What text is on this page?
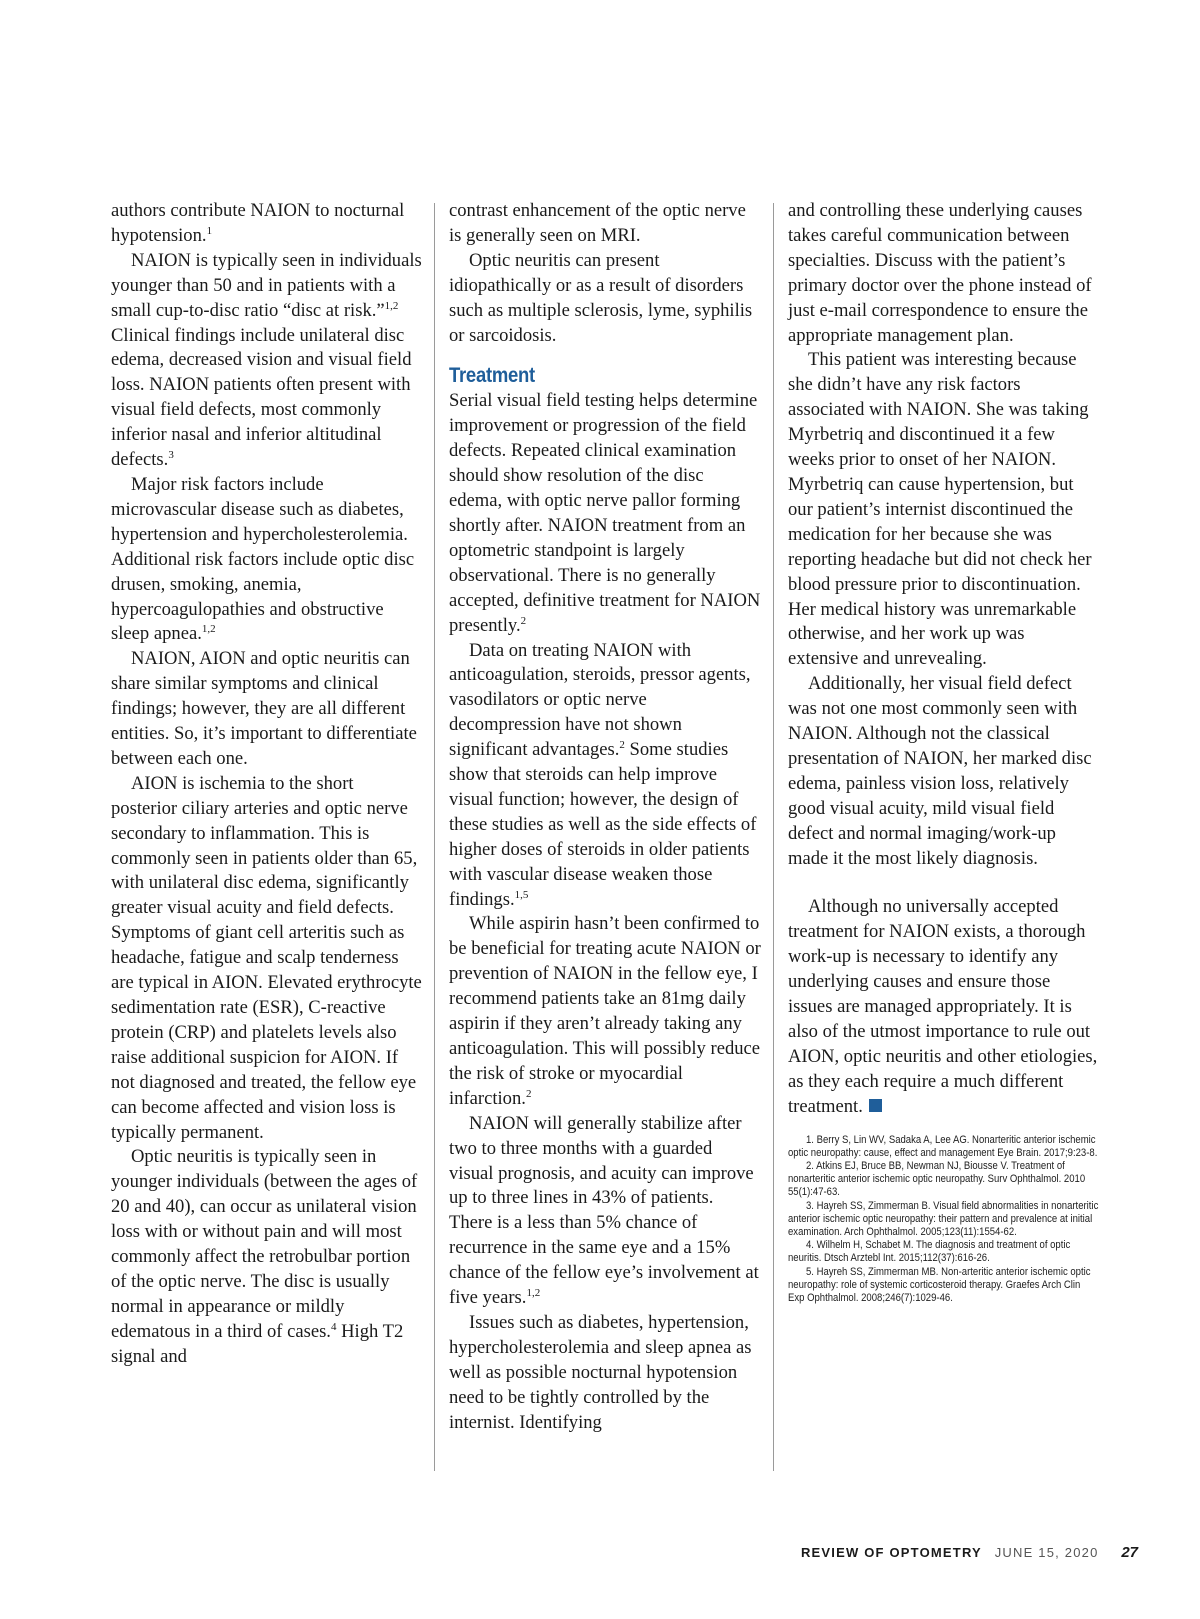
authors contribute NAION to nocturnal hypotension.$^1$

NAION is typically seen in individuals younger than 50 and in patients with a small cup-to-disc ratio “disc at risk.”$^{1,2}$ Clinical findings include unilateral disc edema, decreased vision and visual field loss. NAION patients often present with visual field defects, most commonly inferior nasal and inferior altitudinal defects.$^3$

Major risk factors include microvascular disease such as diabetes, hypertension and hypercholesterolemia. Additional risk factors include optic disc drusen, smoking, anemia, hypercoagulopathies and obstructive sleep apnea.$^{1,2}$

NAION, AION and optic neuritis can share similar symptoms and clinical findings; however, they are all different entities. So, it’s important to differentiate between each one.

AION is ischemia to the short posterior ciliary arteries and optic nerve secondary to inflammation. This is commonly seen in patients older than 65, with unilateral disc edema, significantly greater visual acuity and field defects. Symptoms of giant cell arteritis such as headache, fatigue and scalp tenderness are typical in AION. Elevated erythrocyte sedimentation rate (ESR), C-reactive protein (CRP) and platelets levels also raise additional suspicion for AION. If not diagnosed and treated, the fellow eye can become affected and vision loss is typically permanent.

Optic neuritis is typically seen in younger individuals (between the ages of 20 and 40), can occur as unilateral vision loss with or without pain and will most commonly affect the retrobulbar portion of the optic nerve. The disc is usually normal in appearance or mildly edematous in a third of cases.$^4$ High T2 signal and

contrast enhancement of the optic nerve is generally seen on MRI.

Optic neuritis can present idiopathically or as a result of disorders such as multiple sclerosis, lyme, syphilis or sarcoidosis.

Treatment

Serial visual field testing helps determine improvement or progression of the field defects. Repeated clinical examination should show resolution of the disc edema, with optic nerve pallor forming shortly after. NAION treatment from an optometric standpoint is largely observational. There is no generally accepted, definitive treatment for NAION presently.$^2$

Data on treating NAION with anticoagulation, steroids, pressor agents, vasodilators or optic nerve decompression have not shown significant advantages.$^2$ Some studies show that steroids can help improve visual function; however, the design of these studies as well as the side effects of higher doses of steroids in older patients with vascular disease weaken those findings.$^{1,5}$

While aspirin hasn’t been confirmed to be beneficial for treating acute NAION or prevention of NAION in the fellow eye, I recommend patients take an 81mg daily aspirin if they aren’t already taking any anticoagulation. This will possibly reduce the risk of stroke or myocardial infarction.$^2$

NAION will generally stabilize after two to three months with a guarded visual prognosis, and acuity can improve up to three lines in 43% of patients. There is a less than 5% chance of recurrence in the same eye and a 15% chance of the fellow eye’s involvement at five years.$^{1,2}$

Issues such as diabetes, hypertension, hypercholesterolemia and sleep apnea as well as possible nocturnal hypotension need to be tightly controlled by the internist. Identifying

and controlling these underlying causes takes careful communication between specialties. Discuss with the patient’s primary doctor over the phone instead of just e-mail correspondence to ensure the appropriate management plan.

This patient was interesting because she didn’t have any risk factors associated with NAION. She was taking Myrbetriq and discontinued it a few weeks prior to onset of her NAION. Myrbetriq can cause hypertension, but our patient’s internist discontinued the medication for her because she was reporting headache but did not check her blood pressure prior to discontinuation. Her medical history was unremarkable otherwise, and her work up was extensive and unrevealing.

Additionally, her visual field defect was not one most commonly seen with NAION. Although not the classical presentation of NAION, her marked disc edema, painless vision loss, relatively good visual acuity, mild visual field defect and normal imaging/work-up made it the most likely diagnosis.

Although no universally accepted treatment for NAION exists, a thorough work-up is necessary to identify any underlying causes and ensure those issues are managed appropriately. It is also of the utmost importance to rule out AION, optic neuritis and other etiologies, as they each require a much different treatment.

1. Berry S, Lin WV, Sadaka A, Lee AG. Nonarteritic anterior ischemic optic neuropathy: cause, effect and management Eye Brain. 2017;9:23-8.

2. Atkins EJ, Bruce BB, Newman NJ, Biousse V. Treatment of nonarteritic anterior ischemic optic neuropathy. Surv Ophthalmol. 2010 55(1):47-63.

3. Hayreh SS, Zimmerman B. Visual field abnormalities in nonarteritic anterior ischemic optic neuropathy: their pattern and prevalence at initial examination. Arch Ophthalmol. 2005;123(11):1554-62.

4. Wilhelm H, Schabet M. The diagnosis and treatment of optic neuritis. Dtsch Arztebl Int. 2015;112(37):616-26.

5. Hayreh SS, Zimmerman MB. Non-arteritic anterior ischemic optic neuropathy: role of systemic corticosteroid therapy. Graefes Arch Clin Exp Ophthalmol. 2008;246(7):1029-46.

REVIEW OF OPTOMETRY JUNE 15, 2020 27
